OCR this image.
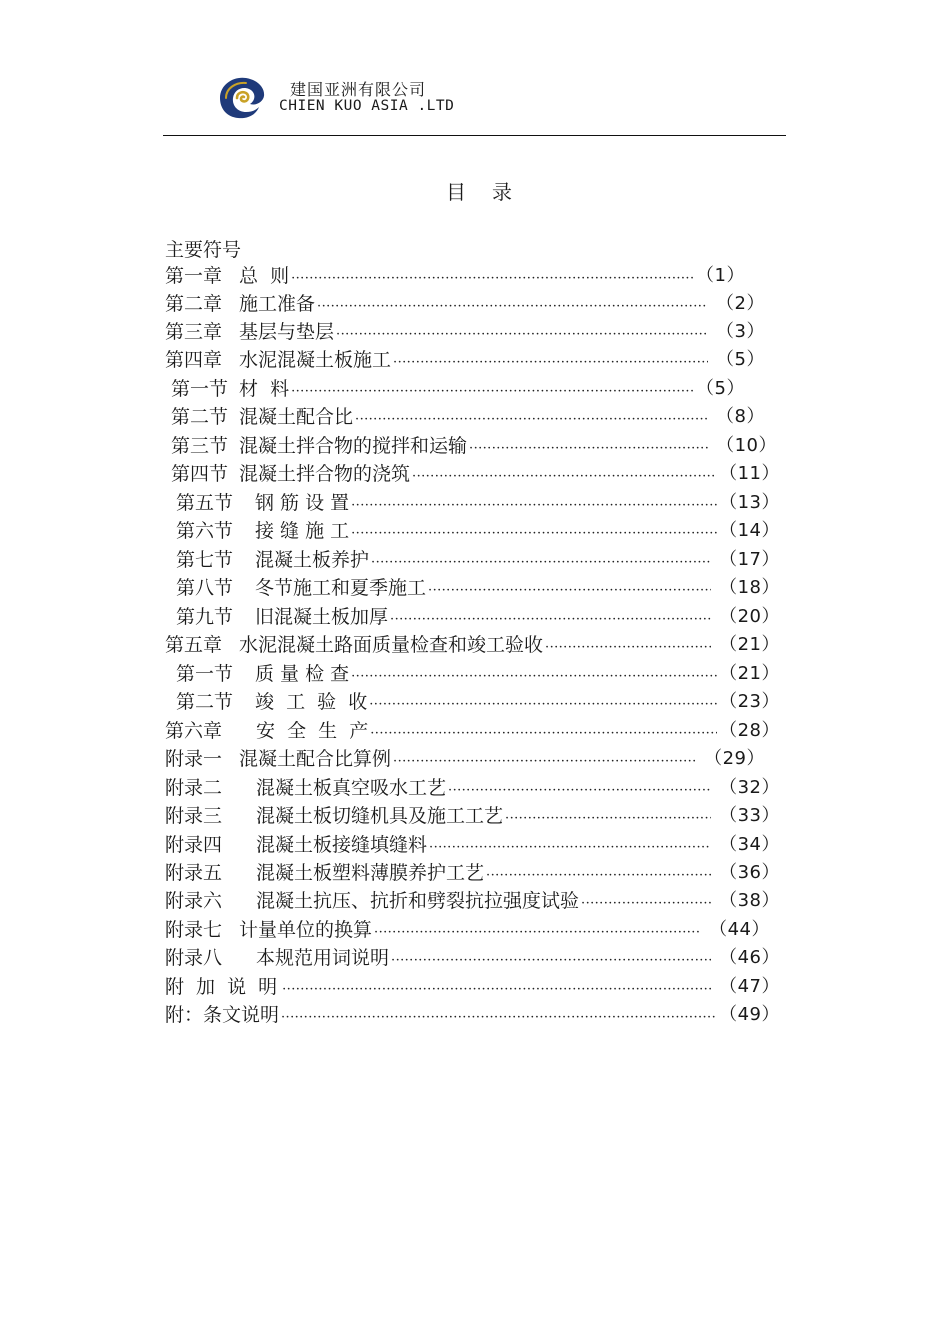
建国亚洲有限公司
CHIEN KUO ASIA .LTD
目录
主要符号
第一章 总  则 ·····	（1）
第二章 施工准备 ·····	（2）
第三章 基层与垫层 ·····	（3）
第四章 水泥混凝土板施工 ·····	（5）
第一节 材  料 ·····	（5）
第二节 混凝土配合比 ·····	（8）
第三节 混凝土拌合物的搅拌和运输 ·····	（10）
第四节 混凝土拌合物的浇筑 ·····	（11）
第五节 钢 筋 设 置 ·····	（13）
第六节 接 缝 施 工 ·····	（14）
第七节 混凝土板养护 ·····	（17）
第八节 冬节施工和夏季施工 ·····	（18）
第九节 旧混凝土板加厚 ·····	（20）
第五章 水泥混凝土路面质量检查和竣工验收 ·····	（21）
第一节 质 量 检 查 ·····	（21）
第二节 竣  工  验  收 ·····	（23）
第六章 安  全  生  产 ·····	（28）
附录一 混凝土配合比算例 ·····	（29）
附录二 混凝土板真空吸水工艺 ·····	（32）
附录三 混凝土板切缝机具及施工工艺 ·····	（33）
附录四 混凝土板接缝填缝料 ·····	（34）
附录五 混凝土板塑料薄膜养护工艺 ·····	（36）
附录六 混凝土抗压、抗折和劈裂抗拉强度试验 ·····	（38）
附录七 计量单位的换算 ·····	（44）
附录八 本规范用词说明 ·····	（46）
附 加 说 明 ·····	（47）
附：条文说明 ·····	（49）
